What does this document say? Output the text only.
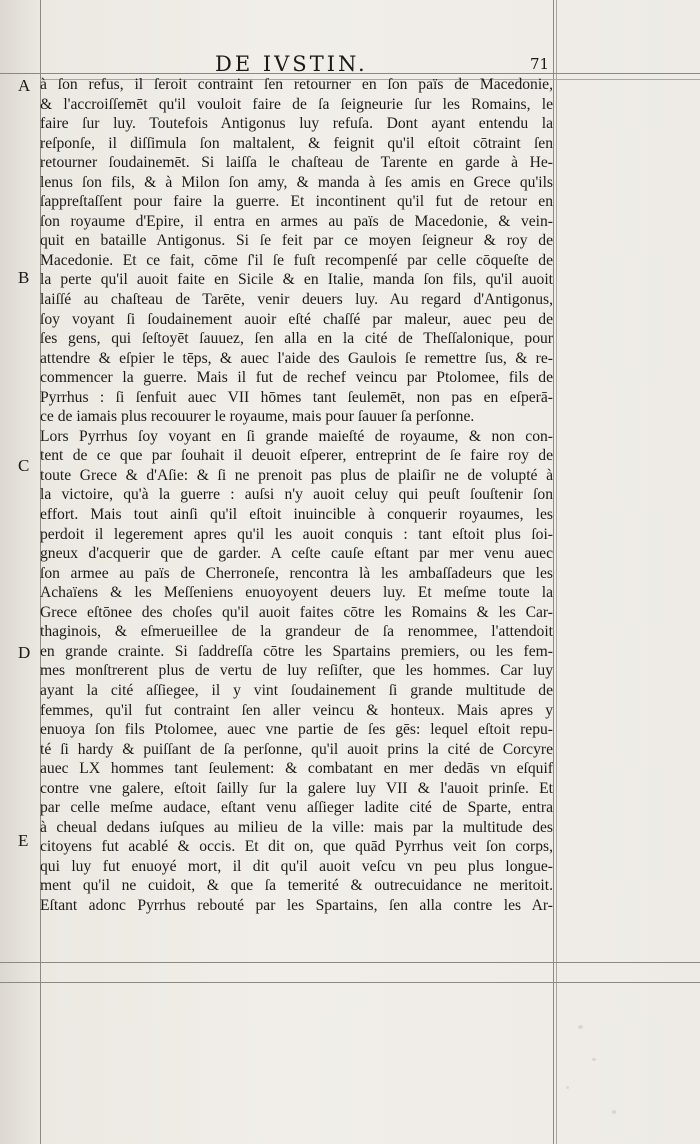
DE IVSTIN.	71
A
B
C
D
E
à ſon refus, il ſeroit contraint ſen retourner en ſon païs de Macedonie,
& l'accroiſſemēt qu'il vouloit faire de ſa ſeigneurie ſur les Romains, le
faire ſur luy. Toutefois Antigonus luy refuſa. Dont ayant entendu la
reſponſe, il diſſimula ſon maltalent, & feignit qu'il eſtoit cōtraint ſen
retourner ſoudainemēt. Si laiſſa le chaſteau de Tarente en garde à He-
lenus ſon fils, & à Milon ſon amy, & manda à ſes amis en Grece qu'ils
ſappreſtaſſent pour faire la guerre. Et incontinent qu'il fut de retour en
ſon royaume d'Epire, il entra en armes au païs de Macedonie, & vein-
quit en bataille Antigonus. Si ſe feit par ce moyen ſeigneur & roy de
Macedonie. Et ce fait, cōme ſ'il ſe fuſt recompenſé par celle cōqueſte de
la perte qu'il auoit faite en Sicile & en Italie, manda ſon fils, qu'il auoit
laiſſé au chaſteau de Tarēte, venir deuers luy. Au regard d'Antigonus,
ſoy voyant ſi ſoudainement auoir eſté chaſſé par maleur, auec peu de
ſes gens, qui ſeſtoyēt ſauuez, ſen alla en la cité de Theſſalonique, pour
attendre & eſpier le tēps, & auec l'aide des Gaulois ſe remettre ſus, & re-
commencer la guerre. Mais il fut de rechef veincu par Ptolomee, fils de
Pyrrhus : ſi ſenfuit auec VII hōmes tant ſeulemēt, non pas en eſperā-
ce de iamais plus recouurer le royaume, mais pour ſauuer ſa perſonne.
Lors Pyrrhus ſoy voyant en ſi grande maieſté de royaume, & non con-
tent de ce que par ſouhait il deuoit eſperer, entreprint de ſe faire roy de
toute Grece & d'Aſie: & ſi ne prenoit pas plus de plaiſir ne de volupté à
la victoire, qu'à la guerre : auſsi n'y auoit celuy qui peuſt ſouſtenir ſon
effort. Mais tout ainſi qu'il eſtoit inuincible à conquerir royaumes, les
perdoit il legerement apres qu'il les auoit conquis : tant eſtoit plus ſoi-
gneux d'acquerir que de garder. A ceſte cauſe eſtant par mer venu auec
ſon armee au païs de Cherroneſe, rencontra là les ambaſſadeurs que les
Achaïens & les Meſſeniens enuoyoyent deuers luy. Et meſme toute la
Grece eſtōnee des choſes qu'il auoit faites cōtre les Romains & les Car-
thaginois, & eſmerueillee de la grandeur de ſa renommee, l'attendoit
en grande crainte. Si ſaddreſſa cōtre les Spartains premiers, ou les fem-
mes monſtrerent plus de vertu de luy reſiſter, que les hommes. Car luy
ayant la cité aſſiegee, il y vint ſoudainement ſi grande multitude de
femmes, qu'il fut contraint ſen aller veincu & honteux. Mais apres y
enuoya ſon fils Ptolomee, auec vne partie de ſes gēs: lequel eſtoit repu-
té ſi hardy & puiſſant de ſa perſonne, qu'il auoit prins la cité de Corcyre
auec LX hommes tant ſeulement: & combatant en mer dedās vn eſquif
contre vne galere, eſtoit ſailly ſur la galere luy VII & l'auoit prinſe. Et
par celle meſme audace, eſtant venu aſſieger ladite cité de Sparte, entra
à cheual dedans iuſques au milieu de la ville: mais par la multitude des
citoyens fut acablé & occis. Et dit on, que quād Pyrrhus veit ſon corps,
qui luy fut enuoyé mort, il dit qu'il auoit veſcu vn peu plus longue-
ment qu'il ne cuidoit, & que ſa temerité & outrecuidance ne meritoit.
Eſtant adonc Pyrrhus rebouté par les Spartains, ſen alla contre les Ar-
